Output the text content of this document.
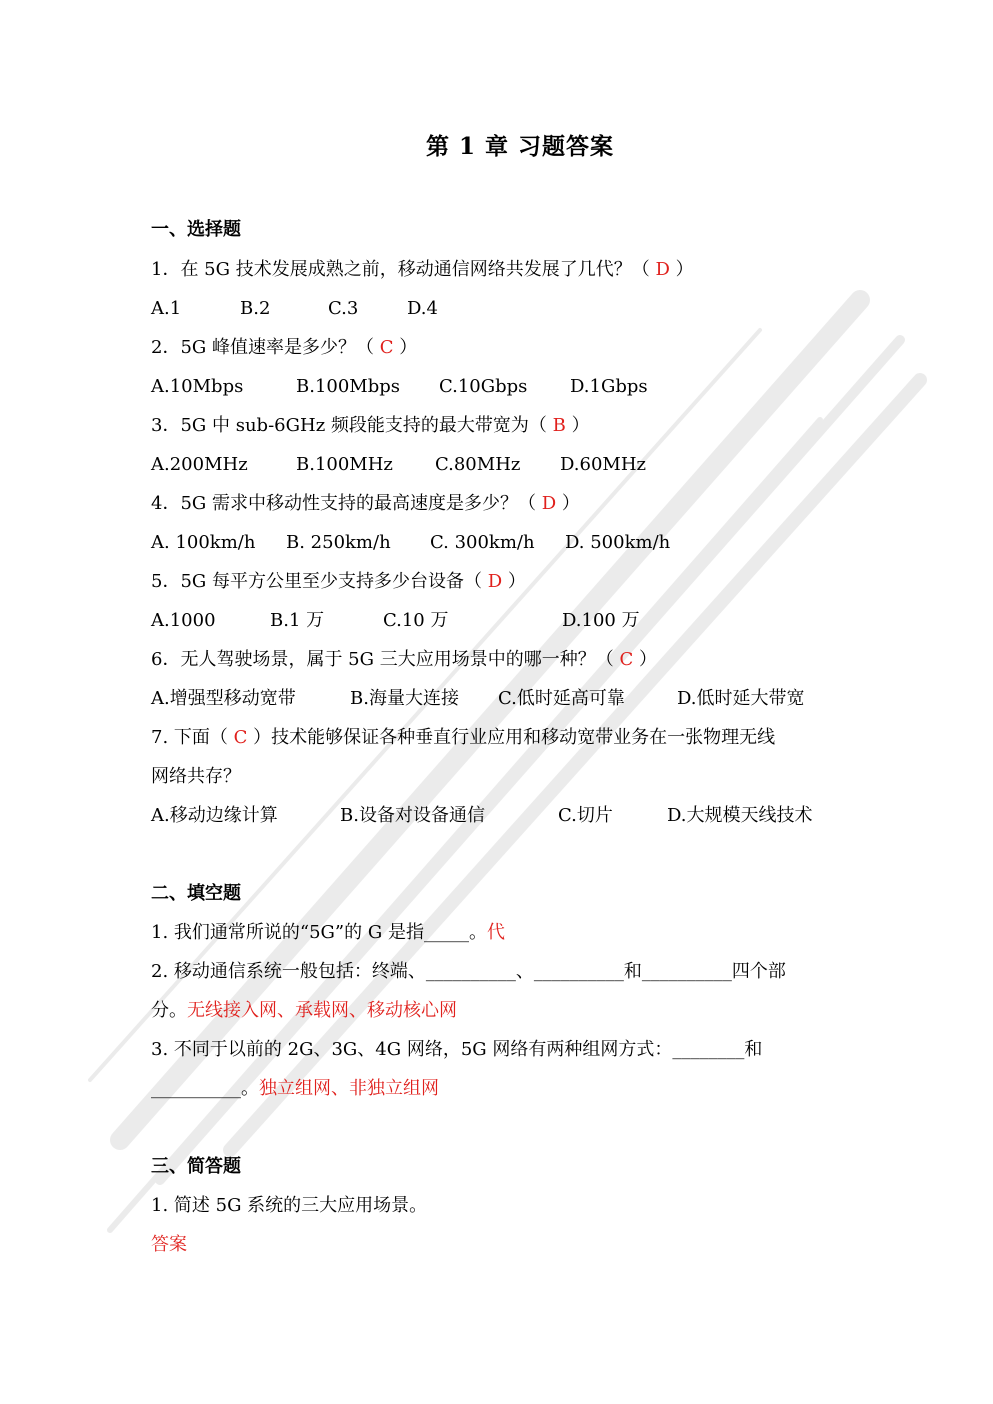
第 1 章 习题答案
一、选择题
1．在 5G 技术发展成熟之前，移动通信网络共发展了几代？（ D ）
A.1	B.2	C.3	D.4
2．5G 峰值速率是多少？（ C ）
A.10Mbps	B.100Mbps C.10Gbps D.1Gbps
3．5G 中 sub-6GHz 频段能支持的最大带宽为（ B ）
A.200MHz	B.100MHz C.80MHz D.60MHz
4．5G 需求中移动性支持的最高速度是多少？（ D ）
A. 100km/h B. 250km/h C. 300km/h D. 500km/h
5．5G 每平方公里至少支持多少台设备（ D ）
A.1000	B.1 万	C.10 万	D.100 万
6．无人驾驶场景，属于 5G 三大应用场景中的哪一种？（ C ）
A.增强型移动宽带	B.海量大连接 C.低时延高可靠	D.低时延大带宽
7. 下面（ C ）技术能够保证各种垂直行业应用和移动宽带业务在一张物理无线
网络共存？
A.移动边缘计算	B.设备对设备通信	C.切片	D.大规模天线技术
二、填空题
1. 我们通常所说的“5G”的 G 是指_____。代
2. 移动通信系统一般包括：终端、__________、__________和__________四个部
分。无线接入网、承载网、移动核心网
3. 不同于以前的 2G、3G、4G 网络，5G 网络有两种组网方式：________和
__________。独立组网、非独立组网
三、简答题
1. 简述 5G 系统的三大应用场景。
答案
